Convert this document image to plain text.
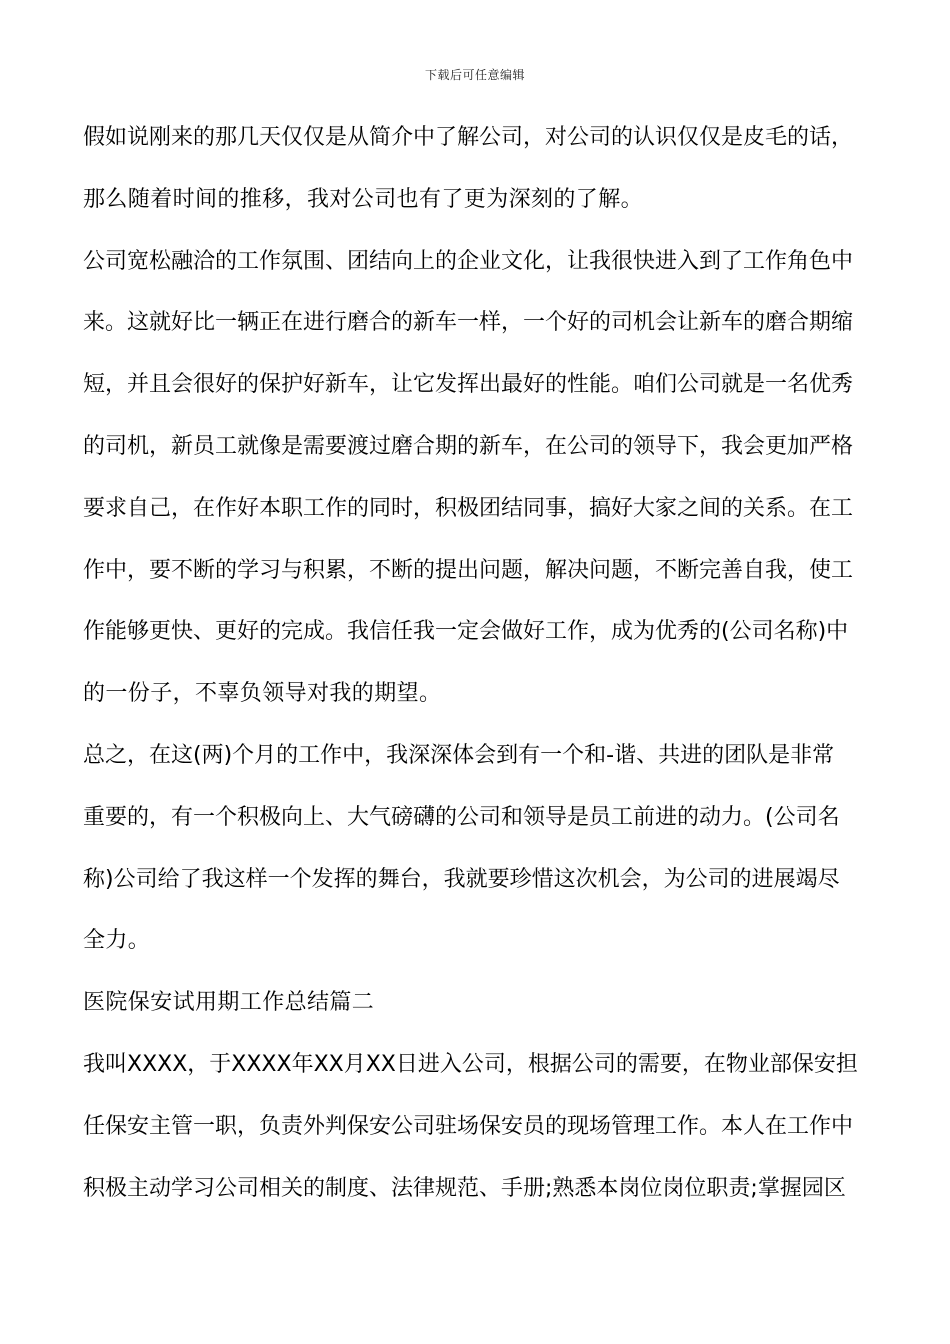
下载后可任意编辑
假如说刚来的那几天仅仅是从简介中了解公司，对公司的认识仅仅是皮毛的话，
那么随着时间的推移，我对公司也有了更为深刻的了解。
公司宽松融洽的工作氛围、团结向上的企业文化，让我很快进入到了工作角色中
来。这就好比一辆正在进行磨合的新车一样，一个好的司机会让新车的磨合期缩
短，并且会很好的保护好新车，让它发挥出最好的性能。咱们公司就是一名优秀
的司机，新员工就像是需要渡过磨合期的新车，在公司的领导下，我会更加严格
要求自己，在作好本职工作的同时，积极团结同事，搞好大家之间的关系。在工
作中，要不断的学习与积累，不断的提出问题，解决问题，不断完善自我，使工
作能够更快、更好的完成。我信任我一定会做好工作，成为优秀的(公司名称)中
的一份子，不辜负领导对我的期望。
总之，在这(两)个月的工作中，我深深体会到有一个和-谐、共进的团队是非常
重要的，有一个积极向上、大气磅礴的公司和领导是员工前进的动力。(公司名
称)公司给了我这样一个发挥的舞台，我就要珍惜这次机会，为公司的进展竭尽
全力。
医院保安试用期工作总结篇二
我叫XXXX，于XXXX年XX月XX日进入公司，根据公司的需要，在物业部保安担
任保安主管一职，负责外判保安公司驻场保安员的现场管理工作。本人在工作中
积极主动学习公司相关的制度、法律规范、手册;熟悉本岗位岗位职责;掌握园区
